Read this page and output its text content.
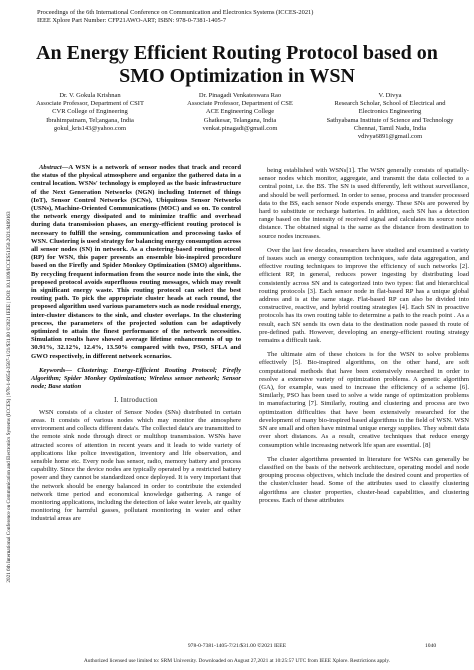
Proceedings of the 6th International Conference on Communication and Electronics Systems (ICCES-2021)
IEEE Xplore Part Number: CFP21AWO-ART; ISBN: 978-0-7381-1405-7
An Energy Efficient Routing Protocol based on
SMO Optimization in WSN
Dr. V. Gokula Krishnan
Associate Professor, Department of CSIT
CVR College of Engineering
Ibrahimpatnam, Tel;angana, India
gokul_kris143@yahoo.com
Dr. Pinagadi Venkateswara Rao
Associate Professor, Department of CSE
ACE Engineering College
Ghatkesar, Telangana, India
venkat.pinagadi@gmail.com
V. Divya
Research Scholar, School of Electrical and Electronics Engineering
Sathyabama Institute of Science and Technology
Chennai, Tamil Nadu, India
vdivya6891@gmail.com
2021 6th International Conference on Communication and Electronics Systems (ICCES) | 978-1-6654-3587-1/21/$31.00 ©2021 IEEE | DOI: 10.1109/ICCES51350.2021.9489163

Abstract—A WSN is a network of sensor nodes that track and record the status of the physical atmosphere and organize the gathered data in a central location. WSNs' technology is employed as the basic infrastructure of the Next Generation Networks (NGN) including Internet of things (IoT), Sensor Control Networks (SCNs), Ubiquitous Sensor Networks (USNs), Machine-Oriented Communications (MOC) and so on. To control the network energy dissipated and to minimize traffic and overhead during data transmission phases, an energy-efficient routing protocol is necessary to fulfill the sensing, communication and processing tasks of WSN. Clustering is used strategy for balancing energy consumption across all sensor nodes (SN) in network. As a clustering-based routing protocol (RP) for WSN, this paper presents an ensemble bio-inspired procedure based on the Firefly and Spider Monkey Optimization (SMO) algorithms. By recycling frequent information from the source node into the sink, the proposed protocol avoids superfluous routing messages, which may result in significant energy waste. This routing protocol can select the best routing path. To pick the appropriate cluster heads at each round, the proposed algorithm used various parameters such as node residual energy, inter-cluster distances to the sink, and cluster overlaps. In the clustering process, the parameters of the projected solution can be adaptively optimized to attain the finest performance of the network necessities. Simulation results have showed average lifetime enhancements of up to 30.91%, 32.12%, 12.4%, 13.50% compared with two, PSO, SFLA and GWO respectively, in different network scenarios.

Keywords— Clustering; Energy-Efficient Routing Protocol; Firefly Algorithm; Spider Monkey Optimization; Wireless sensor network; Sensor node; Base station

I. Introduction

WSN consists of a cluster of Sensor Nodes (SNs) distributed in certain areas. It consists of various nodes which may monitor the atmosphere environment and collects different data's. The collected data's are transmitted to the remote sink node through direct or multihop transmission. WSNs have attracted scores of attention in recent years and it leads to wide variety of applications like police investigation, inventory and life observation, and sensible home etc. Every node has sensor, radio, memory battery and process capability. Since the device nodes are typically operated by a restricted battery power and they cannot be standardized once deployed. It is very important that the network should be energy balanced in order to contribute the extended network time period and economical knowledge gathering. A range of monitoring applications, including the detection of lake water levels, air quality monitoring for harmful gasses, pollutant monitoring in water and other industrial areas are

being established with WSNs[1]. The WSN generally consists of spatially-sensor nodes which monitor, aggregate, and transmit the data collected to a central point, i.e. the BS. The SN is used differently, left without surveillance, and should be well performed. In order to sense, process and transfer processed data to the BS, each sensor Node expends energy. These SNs are powered by hard to substitute or recharge batteries. In addition, each SN has a detection range based on the intensity of received signal and calculates its source node distance. The obtained signal is the same as the distance from destination to source nodes increases.

Over the last few decades, researchers have studied and examined a variety of issues such as energy consumption techniques, safe data aggregation, and effective routing techniques to improve the efficiency of such networks [2]. efficient RP, in general, reduces power ingesting by distributing load consistently across SN and is categorized into two types: flat and hierarchical routing protocols [3]. Each sensor node in flat-based RP has a unique global address and is at the same stage. Flat-based RP can also be divided into constructive, reactive, and hybrid routing strategies [4]. Each SN in proactive protocols has its own routing table to determine a path to the reach point . As a result, each SN sends its own data to the destination node passed th route of pre-defined path. However, developing an energy-efficient routing strategy remains a difficult task.

The ultimate aim of these choices is for the WSN to solve problems effectively [5]. Bio-inspired algorithms, on the other hand, are soft computational methods that have been extensively researched in order to resolve a extensive variety of optimization problems. A genetic algorithm (GA), for example, was used to increase the efficiency of a scheme [6]. Similarly, PSO has been used to solve a wide range of optimization problems in manufacturing [7]. Similarly, routing and clustering and process are two optimization difficulties that have been extensively researched for the development of many bio-inspired based algorithms in the field of WSN. WSN SN are small and often have minimal unique energy supplies. They submit data over short distances. As a result, creative techniques that reduce energy consumption while increasing network life span are essential. [8]

The cluster algorithms presented in literature for WSNs can generally be classified on the basis of the network architecture, operating model and node grouping process objectives, which include the desired count and properties of the cluster/cluster head. Some of the attributes used to classify clustering algorithms are cluster properties, cluster-head capabilities, and clustering process. Each of these attributes

978-0-7381-1405-7/21/$31.00 ©2021 IEEE	1040
Authorized licensed use limited to: SRM University. Downloaded on August 27,2021 at 10:25:57 UTC from IEEE Xplore. Restrictions apply.
